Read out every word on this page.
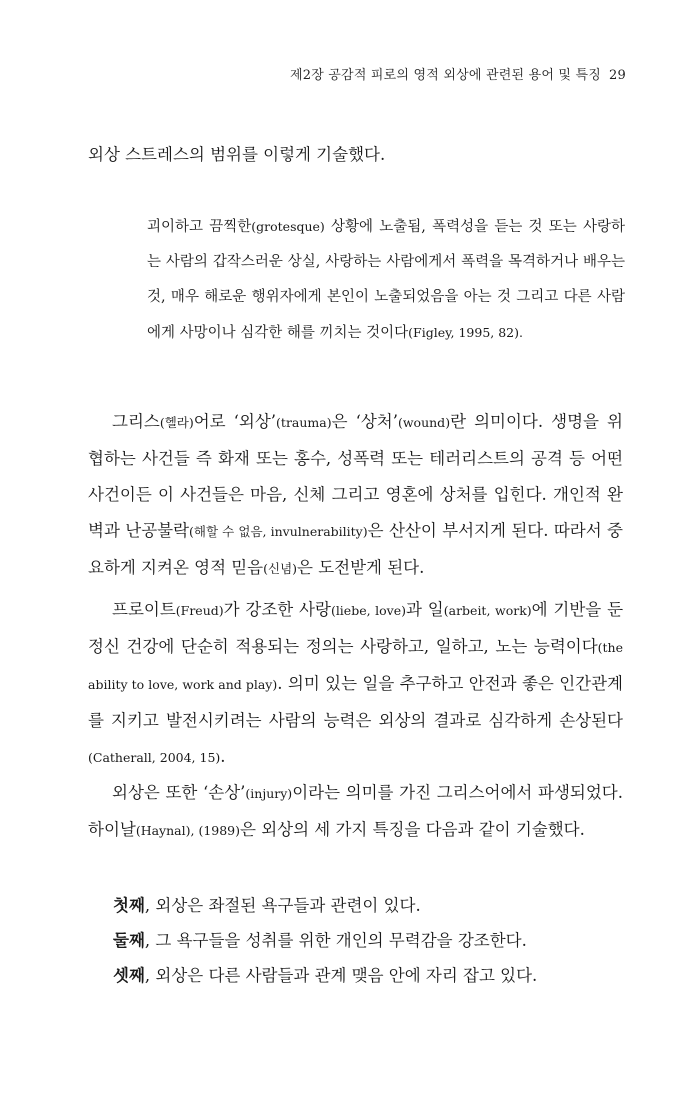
제2장 공감적 피로의 영적 외상에 관련된 용어 및 특징 29

외상 스트레스의 범위를 이렇게 기술했다.

괴이하고 끔찍한(grotesque) 상황에 노출됨, 폭력성을 듣는 것 또는 사랑하는 사람의 갑작스러운 상실, 사랑하는 사람에게서 폭력을 목격하거나 배우는 것, 매우 해로운 행위자에게 본인이 노출되었음을 아는 것 그리고 다른 사람에게 사망이나 심각한 해를 끼치는 것이다(Figley, 1995, 82).

그리스(헬라)어로 ‘외상’(trauma)은 ‘상처’(wound)란 의미이다. 생명을 위협하는 사건들 즉 화재 또는 홍수, 성폭력 또는 테러리스트의 공격 등 어떤 사건이든 이 사건들은 마음, 신체 그리고 영혼에 상처를 입힌다. 개인적 완벽과 난공불락(해할 수 없음, invulnerability)은 산산이 부서지게 된다. 따라서 중요하게 지켜온 영적 믿음(신념)은 도전받게 된다.

프로이트(Freud)가 강조한 사랑(liebe, love)과 일(arbeit, work)에 기반을 둔 정신 건강에 단순히 적용되는 정의는 사랑하고, 일하고, 노는 능력이다(the ability to love, work and play). 의미 있는 일을 추구하고 안전과 좋은 인간관계를 지키고 발전시키려는 사람의 능력은 외상의 결과로 심각하게 손상된다(Catherall, 2004, 15).

외상은 또한 ‘손상’(injury)이라는 의미를 가진 그리스어에서 파생되었다. 하이날(Haynal), (1989)은 외상의 세 가지 특징을 다음과 같이 기술했다.

첫째, 외상은 좌절된 욕구들과 관련이 있다.
둘째, 그 욕구들을 성취를 위한 개인의 무력감을 강조한다.
셋째, 외상은 다른 사람들과 관계 맺음 안에 자리 잡고 있다.
